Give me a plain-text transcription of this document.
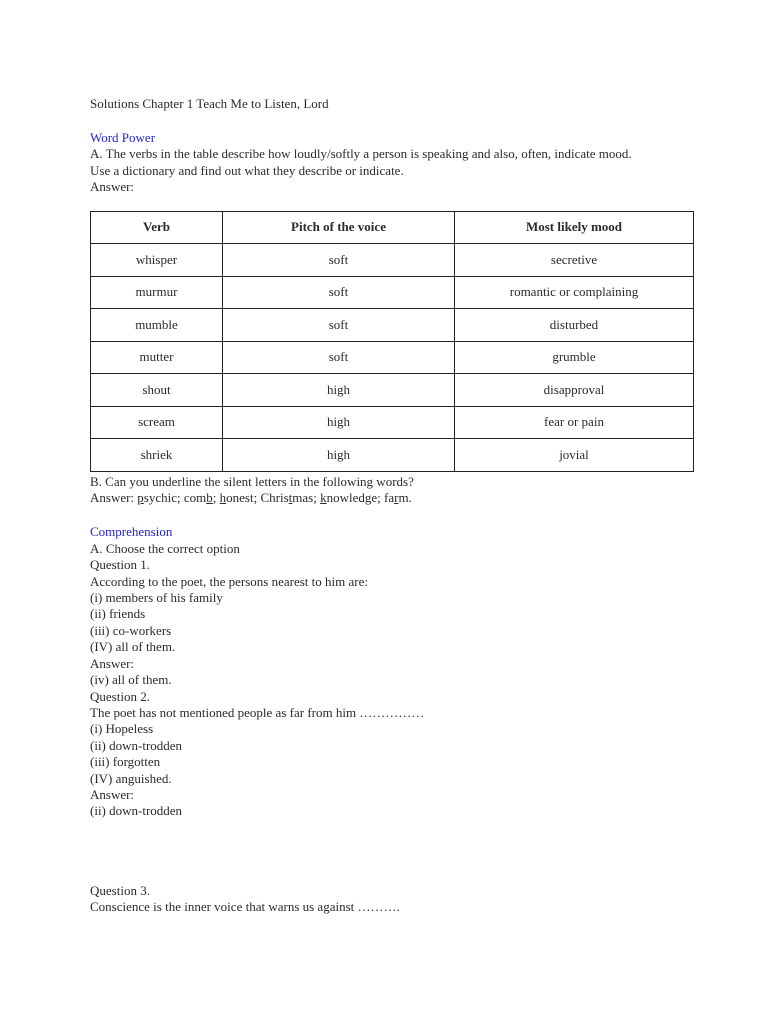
Solutions Chapter 1 Teach Me to Listen, Lord
Word Power
A. The verbs in the table describe how loudly/softly a person is speaking and also, often, indicate mood.
Use a dictionary and find out what they describe or indicate.
Answer:
Verb	Pitch of the voice	Most likely mood
whisper	soft	secretive
murmur	soft	romantic or complaining
mumble	soft	disturbed
mutter	soft	grumble
shout	high	disapproval
scream	high	fear or pain
shriek	high	jovial
B. Can you underline the silent letters in the following words?
Answer: psychic; comb; honest; Christmas; knowledge; farm.
Comprehension
A. Choose the correct option
Question 1.
According to the poet, the persons nearest to him are:
(i) members of his family
(ii) friends
(iii) co-workers
(IV) all of them.
Answer:
(iv) all of them.
Question 2.
The poet has not mentioned people as far from him ……………
(i) Hopeless
(ii) down-trodden
(iii) forgotten
(IV) anguished.
Answer:
(ii) down-trodden
Question 3.
Conscience is the inner voice that warns us against ……….
